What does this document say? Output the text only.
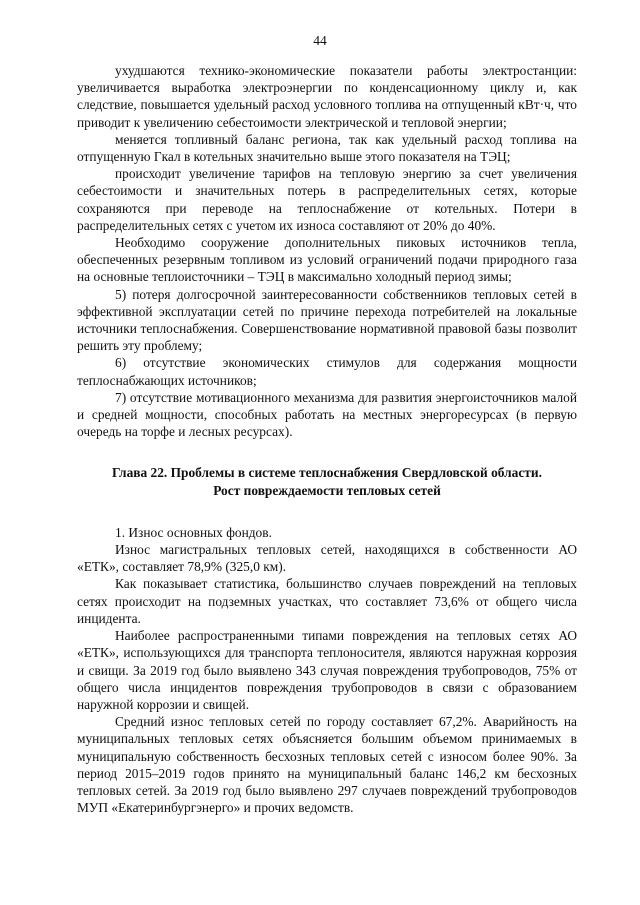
44

ухудшаются технико-экономические показатели работы электростанции: увеличивается выработка электроэнергии по конденсационному циклу и, как следствие, повышается удельный расход условного топлива на отпущенный кВт·ч, что приводит к увеличению себестоимости электрической и тепловой энергии;

меняется топливный баланс региона, так как удельный расход топлива на отпущенную Гкал в котельных значительно выше этого показателя на ТЭЦ;

происходит увеличение тарифов на тепловую энергию за счет увеличения себестоимости и значительных потерь в распределительных сетях, которые сохраняются при переводе на теплоснабжение от котельных. Потери в распределительных сетях с учетом их износа составляют от 20% до 40%.

Необходимо сооружение дополнительных пиковых источников тепла, обеспеченных резервным топливом из условий ограничений подачи природного газа на основные теплоисточники – ТЭЦ в максимально холодный период зимы;

5) потеря долгосрочной заинтересованности собственников тепловых сетей в эффективной эксплуатации сетей по причине перехода потребителей на локальные источники теплоснабжения. Совершенствование нормативной правовой базы позволит решить эту проблему;

6) отсутствие экономических стимулов для содержания мощности теплоснабжающих источников;

7) отсутствие мотивационного механизма для развития энергоисточников малой и средней мощности, способных работать на местных энергоресурсах (в первую очередь на торфе и лесных ресурсах).

Глава 22. Проблемы в системе теплоснабжения Свердловской области.
Рост повреждаемости тепловых сетей

1. Износ основных фондов.

Износ магистральных тепловых сетей, находящихся в собственности АО «ЕТК», составляет 78,9% (325,0 км).

Как показывает статистика, большинство случаев повреждений на тепловых сетях происходит на подземных участках, что составляет 73,6% от общего числа инцидента.

Наиболее распространенными типами повреждения на тепловых сетях АО «ЕТК», использующихся для транспорта теплоносителя, являются наружная коррозия и свищи. За 2019 год было выявлено 343 случая повреждения трубопроводов, 75% от общего числа инцидентов повреждения трубопроводов в связи с образованием наружной коррозии и свищей.

Средний износ тепловых сетей по городу составляет 67,2%. Аварийность на муниципальных тепловых сетях объясняется большим объемом принимаемых в муниципальную собственность бесхозных тепловых сетей с износом более 90%. За период 2015–2019 годов принято на муниципальный баланс 146,2 км бесхозных тепловых сетей. За 2019 год было выявлено 297 случаев повреждений трубопроводов МУП «Екатеринбургэнерго» и прочих ведомств.
